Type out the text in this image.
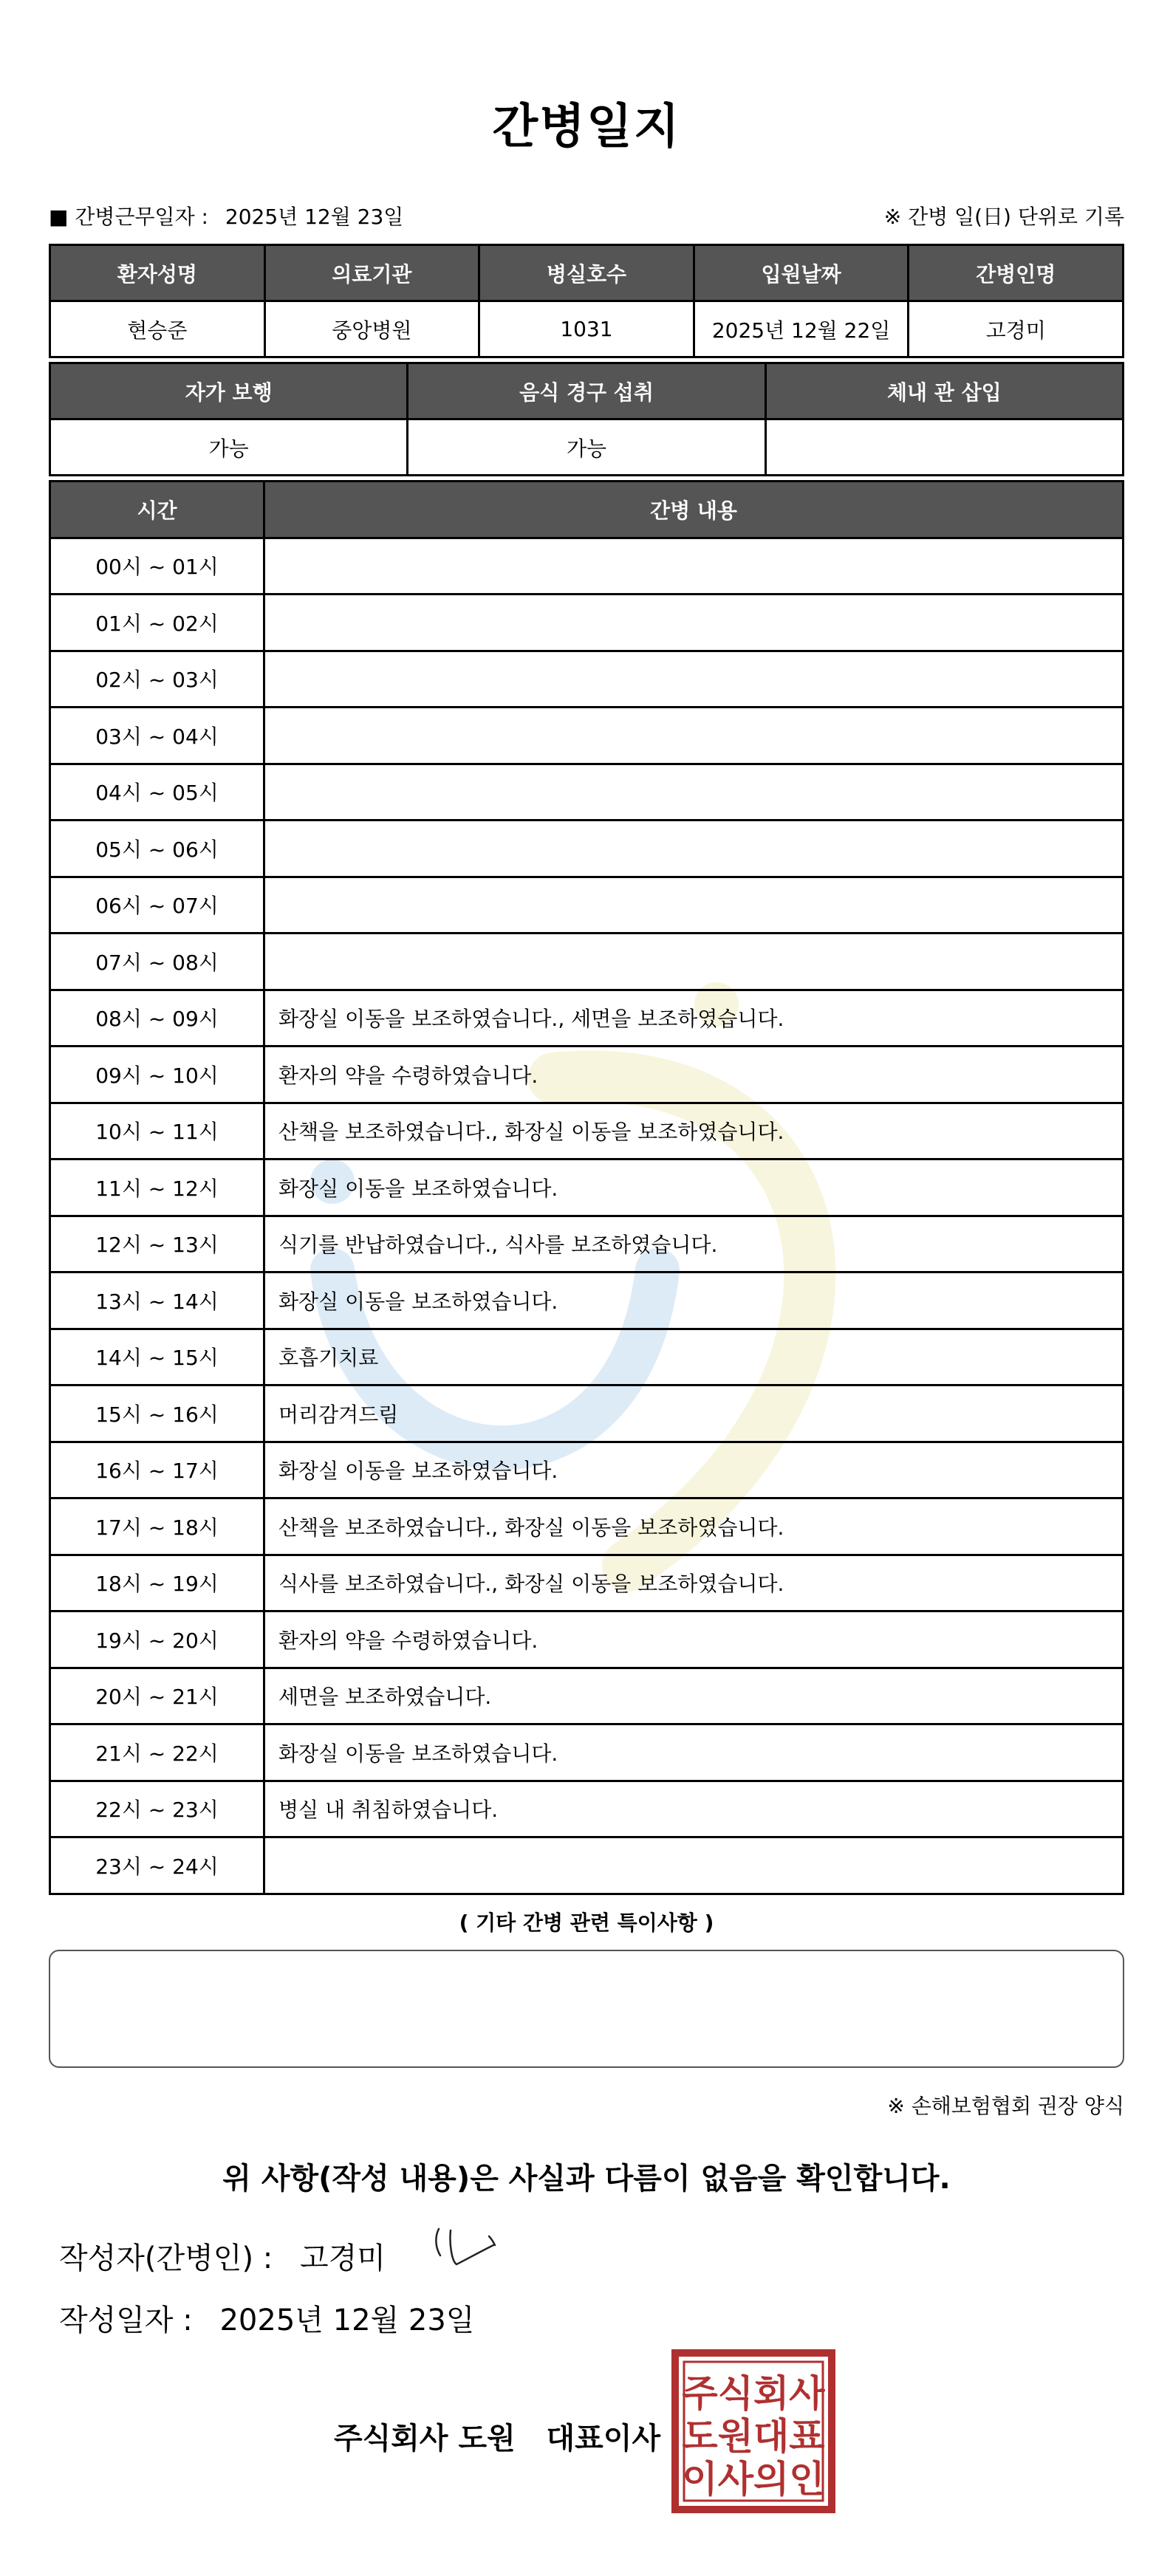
간병일지
■ 간병근무일자 : 2025년 12월 23일	※ 간병 일(日) 단위로 기록
환자성명	의료기관	병실호수	입원날짜	간병인명
현승준	중앙병원	1031	2025년 12월 22일	고경미
자가 보행	음식 경구 섭취	체내 관 삽입
가능	가능	
시간	간병 내용
00시 ~ 01시	
01시 ~ 02시	
02시 ~ 03시	
03시 ~ 04시	
04시 ~ 05시	
05시 ~ 06시	
06시 ~ 07시	
07시 ~ 08시	
08시 ~ 09시	화장실 이동을 보조하였습니다., 세면을 보조하였습니다.
09시 ~ 10시	환자의 약을 수령하였습니다.
10시 ~ 11시	산책을 보조하였습니다., 화장실 이동을 보조하였습니다.
11시 ~ 12시	화장실 이동을 보조하였습니다.
12시 ~ 13시	식기를 반납하였습니다., 식사를 보조하였습니다.
13시 ~ 14시	화장실 이동을 보조하였습니다.
14시 ~ 15시	호흡기치료
15시 ~ 16시	머리감겨드림
16시 ~ 17시	화장실 이동을 보조하였습니다.
17시 ~ 18시	산책을 보조하였습니다., 화장실 이동을 보조하였습니다.
18시 ~ 19시	식사를 보조하였습니다., 화장실 이동을 보조하였습니다.
19시 ~ 20시	환자의 약을 수령하였습니다.
20시 ~ 21시	세면을 보조하였습니다.
21시 ~ 22시	화장실 이동을 보조하였습니다.
22시 ~ 23시	병실 내 취침하였습니다.
23시 ~ 24시	
( 기타 간병 관련 특이사항 )
※ 손해보험협회 권장 양식
위 사항(작성 내용)은 사실과 다름이 없음을 확인합니다.
작성자(간병인) : 고경미
작성일자 : 2025년 12월 23일
주식회사 도원   대표이사
주식회사
도원대표
이사의인
